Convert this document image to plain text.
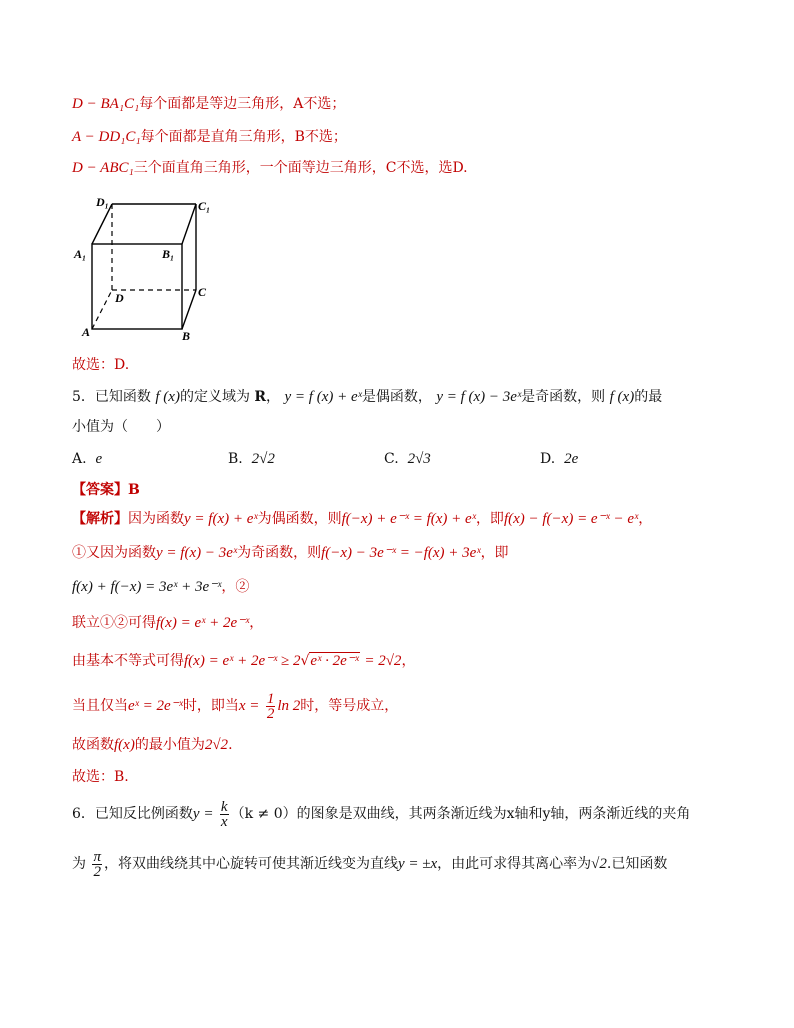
D − BA₁C₁每个面都是等边三角形，A不选；
A − DD₁C₁每个面都是直角三角形，B不选；
D − ABC₁三个面直角三角形，一个面等边三角形，C不选，选D.
D₁	C₁
A₁	B₁
D	C
A	B
故选：D.
5．已知函数 f (x)的定义域为 R， y = f (x) + eˣ是偶函数， y = f (x) − 3eˣ是奇函数，则 f (x)的最
小值为（　　）
A. e	B. 2√2	C. 2√3	D. 2e
【答案】B
【解析】因为函数y = f(x) + eˣ为偶函数，则f(−x) + e⁻ˣ = f(x) + eˣ，即f(x) − f(−x) = e⁻ˣ − eˣ，
①又因为函数y = f(x) − 3eˣ为奇函数，则f(−x) − 3e⁻ˣ = −f(x) + 3eˣ，即
f(x) + f(−x) = 3eˣ + 3e⁻ˣ，②
联立①②可得f(x) = eˣ + 2e⁻ˣ，
由基本不等式可得f(x) = eˣ + 2e⁻ˣ ≥ 2√eˣ · 2e⁻ˣ = 2√2，
当且仅当eˣ = 2e⁻ˣ时，即当$x = \frac{1}{2}$ ln 2时，等号成立，
故函数f(x)的最小值为2√2.
故选：B.
6．已知反比例函数$y = \frac{k}{x} (k \ne 0)$的图象是双曲线，其两条渐近线为x轴和y轴，两条渐近线的夹角
为 $\frac{\pi}{2}$ ，将双曲线绕其中心旋转可使其渐近线变为直线y = ±x，由此可求得其离心率为√2.已知函数
